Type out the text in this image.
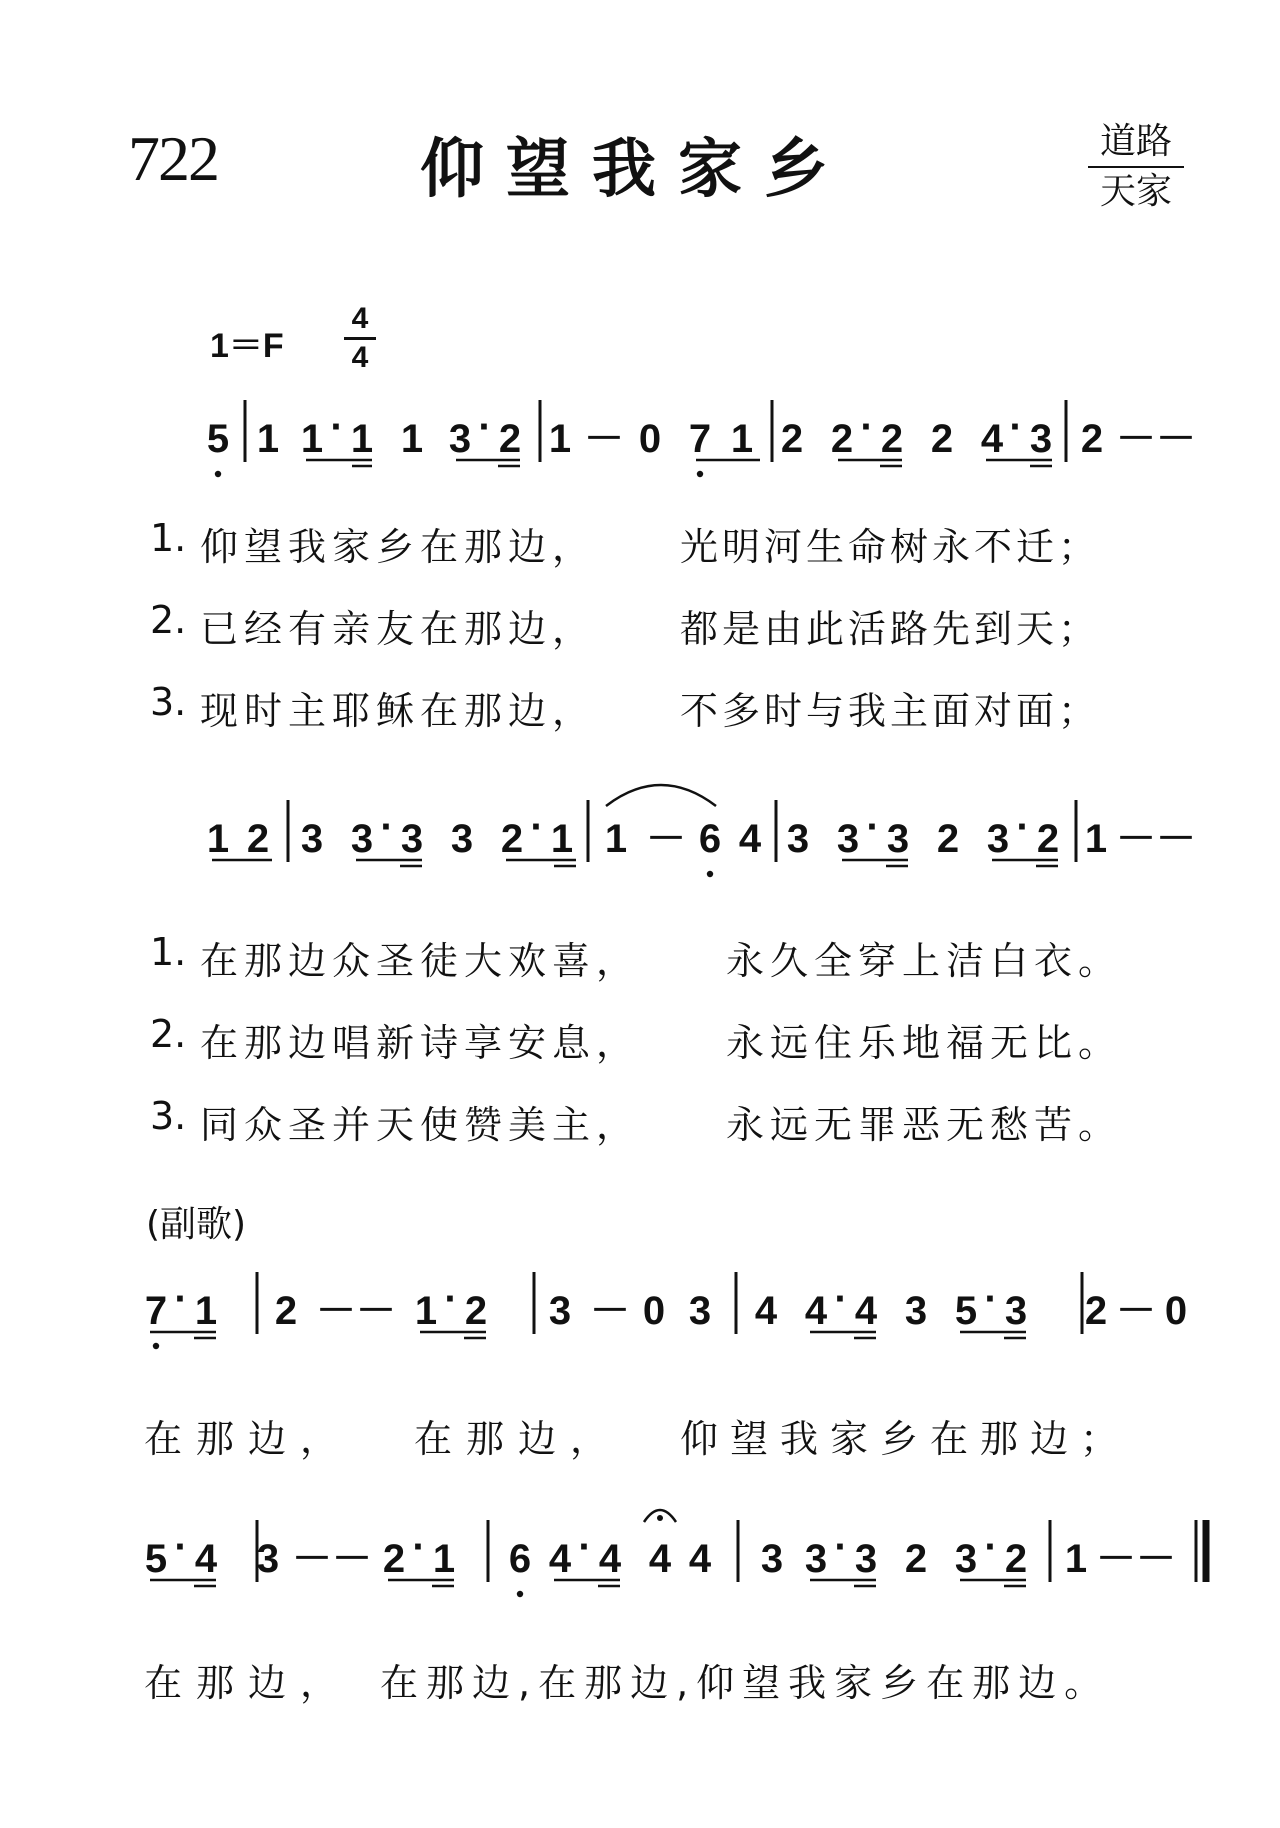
722	仰望我家乡	道路
天家
1＝F
4
4
5 1 1 · 1 1 3 · 2 1 － 0 7 1 2 2 · 2 2 4 · 3 2 － －

1.

仰望我家乡在那边，

光明河生命树永不迁；

2.

已经有亲友在那边，

都是由此活路先到天；

3.

现时主耶稣在那边，

不多时与我主面对面；

1 2 3 3 · 3 3 2 · 1 1 － 6 4 3 3 · 3 2 3 · 2 1 － －

1.

在那边众圣徒大欢喜，

永久全穿上洁白衣。

2.

在那边唱新诗享安息，

永远住乐地福无比。

3.

同众圣并天使赞美主，

永远无罪恶无愁苦。

(副歌)
7 · 1 2 － － 1 · 2 3 － 0 3 4 4 · 4 3 5 · 3 2 － 0

在那边，

在那边，

仰望我家乡在那边；

5 · 4 3 － － 2 · 1 6 4 · 4 4 4 3 3 · 3 2 3 · 2 1 － －

在那边，

在那边,在那边,仰望我家乡在那边。
